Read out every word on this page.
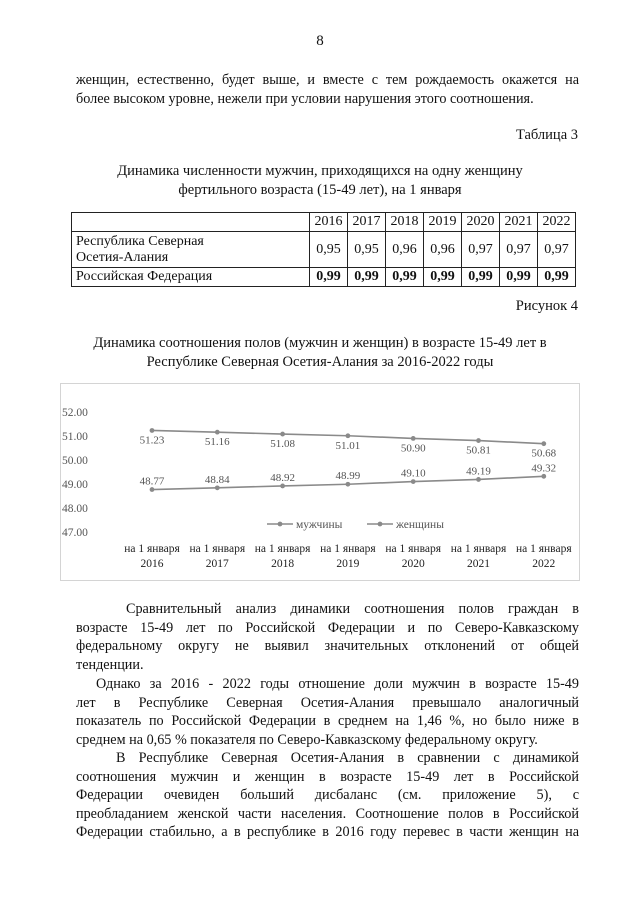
8
женщин, естественно, будет выше, и вместе с тем рождаемость окажется на
более высоком уровне, нежели при условии нарушения этого соотношения.
Таблица 3
Динамика численности мужчин, приходящихся на одну женщину
фертильного возраста (15-49 лет), на 1 января
	2016	2017	2018	2019	2020	2021	2022

Республика Северная
Осетия-Алания	0,95	0,95	0,96	0,96	0,97	0,97	0,97
Российская Федерация	0,99	0,99	0,99	0,99	0,99	0,99	0,99
Рисунок 4
Динамика соотношения полов (мужчин и женщин) в возрасте 15-49 лет в
Республике Северная Осетия-Алания за 2016-2022 годы
52.00
51.00
50.00
49.00
48.00
47.00
48.77	48.84	48.92	48.99	49.10	49.19	49.32
51.23	51.16	51.08	51.01	50.90	50.81	50.68
мужчины	женщины
на 1 января
2016
на 1 января
2017
на 1 января
2018
на 1 января
2019
на 1 января
2020
на 1 января
2021
на 1 января
2022
Сравнительный анализ динамики соотношения полов граждан в
возрасте 15-49 лет по Российской Федерации и по Северо-Кавказскому
федеральному округу не выявил значительных отклонений от общей
тенденции.
Однако за 2016 - 2022 годы отношение доли мужчин в возрасте 15-49
лет в Республике Северная Осетия-Алания превышало аналогичный
показатель по Российской Федерации в среднем на 1,46 %, но было ниже в
среднем на 0,65 % показателя по Северо-Кавказскому федеральному округу.
В Республике Северная Осетия-Алания в сравнении с динамикой
соотношения мужчин и женщин в возрасте 15-49 лет в Российской
Федерации очевиден больший дисбаланс (см. приложение 5), с
преобладанием женской части населения. Соотношение полов в Российской
Федерации стабильно, а в республике в 2016 году перевес в части женщин на
